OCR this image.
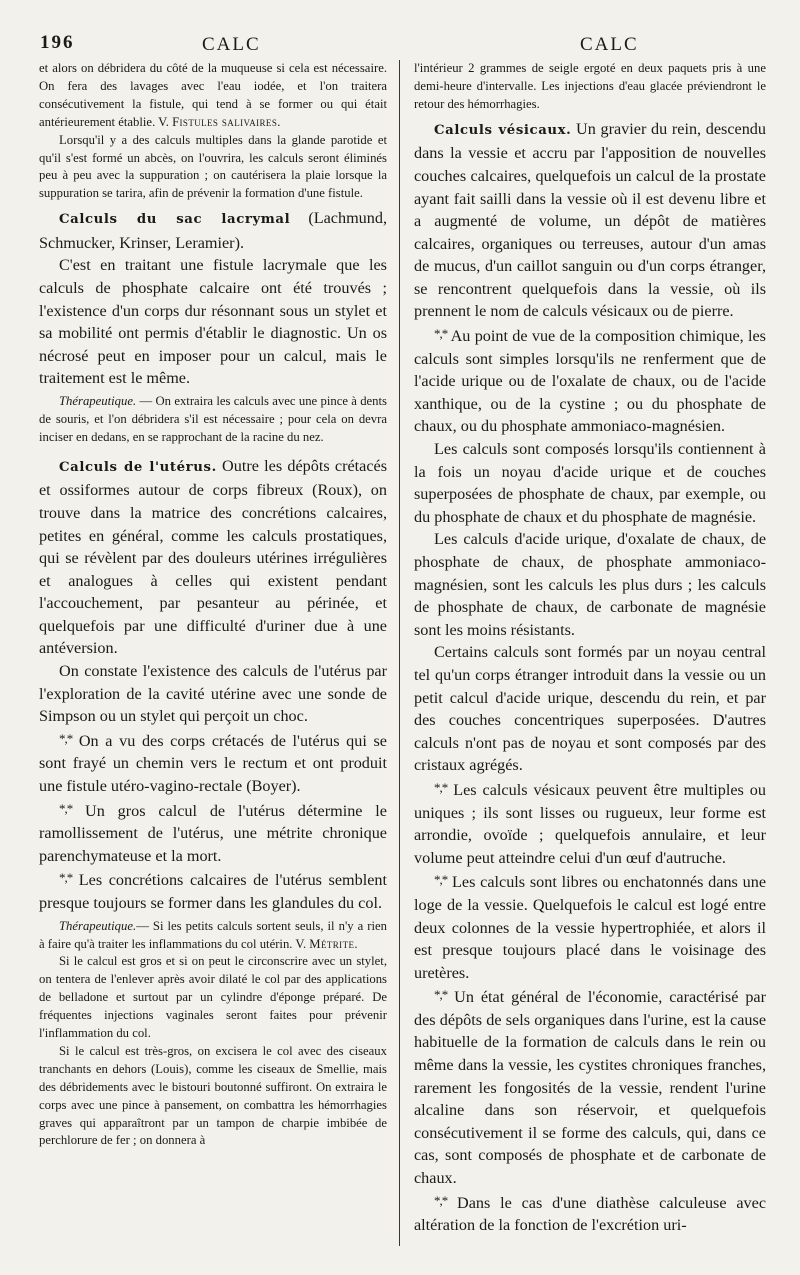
196	CALC	CALC

et alors on débridera du côté de la muqueuse si cela est nécessaire. On fera des lavages avec l'eau iodée, et l'on traitera consécutivement la fistule, qui tend à se former ou qui était antérieurement établie. V. Fistules salivaires.

Lorsqu'il y a des calculs multiples dans la glande parotide et qu'il s'est formé un abcès, on l'ouvrira, les calculs seront éliminés peu à peu avec la suppuration ; on cautérisera la plaie lorsque la suppuration se tarira, afin de prévenir la formation d'une fistule.

Calculs du sac lacrymal (Lachmund, Schmucker, Krinser, Leramier).

C'est en traitant une fistule lacrymale que les calculs de phosphate calcaire ont été trouvés ; l'existence d'un corps dur résonnant sous un stylet et sa mobilité ont permis d'établir le diagnostic. Un os nécrosé peut en imposer pour un calcul, mais le traitement est le même.

Thérapeutique. — On extraira les calculs avec une pince à dents de souris, et l'on débridera s'il est nécessaire ; pour cela on devra inciser en dedans, en se rapprochant de la racine du nez.

Calculs de l'utérus. Outre les dépôts crétacés et ossiformes autour de corps fibreux (Roux), on trouve dans la matrice des concrétions calcaires, petites en général, comme les calculs prostatiques, qui se révèlent par des douleurs utérines irrégulières et analogues à celles qui existent pendant l'accouchement, par pesanteur au périnée, et quelquefois par une difficulté d'uriner due à une antéversion.

On constate l'existence des calculs de l'utérus par l'exploration de la cavité utérine avec une sonde de Simpson ou un stylet qui perçoit un choc.

*,* On a vu des corps crétacés de l'utérus qui se sont frayé un chemin vers le rectum et ont produit une fistule utéro-vagino-rectale (Boyer).

*,* Un gros calcul de l'utérus détermine le ramollissement de l'utérus, une métrite chronique parenchymateuse et la mort.

*,* Les concrétions calcaires de l'utérus semblent presque toujours se former dans les glandules du col.

Thérapeutique.— Si les petits calculs sortent seuls, il n'y a rien à faire qu'à traiter les inflammations du col utérin. V. Métrite.

Si le calcul est gros et si on peut le circonscrire avec un stylet, on tentera de l'enlever après avoir dilaté le col par des applications de belladone et surtout par un cylindre d'éponge préparé. De fréquentes injections vaginales seront faites pour prévenir l'inflammation du col.

Si le calcul est très-gros, on excisera le col avec des ciseaux tranchants en dehors (Louis), comme les ciseaux de Smellie, mais des débridements avec le bistouri boutonné suffiront. On extraira le corps avec une pince à pansement, on combattra les hémorrhagies graves qui apparaîtront par un tampon de charpie imbibée de perchlorure de fer ; on donnera à

l'intérieur 2 grammes de seigle ergoté en deux paquets pris à une demi-heure d'intervalle. Les injections d'eau glacée préviendront le retour des hémorrhagies.

Calculs vésicaux. Un gravier du rein, descendu dans la vessie et accru par l'apposition de nouvelles couches calcaires, quelquefois un calcul de la prostate ayant fait sailli dans la vessie où il est devenu libre et a augmenté de volume, un dépôt de matières calcaires, organiques ou terreuses, autour d'un amas de mucus, d'un caillot sanguin ou d'un corps étranger, se rencontrent quelquefois dans la vessie, où ils prennent le nom de calculs vésicaux ou de pierre.

*,* Au point de vue de la composition chimique, les calculs sont simples lorsqu'ils ne renferment que de l'acide urique ou de l'oxalate de chaux, ou de l'acide xanthique, ou de la cystine ; ou du phosphate de chaux, ou du phosphate ammoniaco-magnésien.

Les calculs sont composés lorsqu'ils contiennent à la fois un noyau d'acide urique et de couches superposées de phosphate de chaux, par exemple, ou du phosphate de chaux et du phosphate de magnésie.

Les calculs d'acide urique, d'oxalate de chaux, de phosphate de chaux, de phosphate ammoniaco-magnésien, sont les calculs les plus durs ; les calculs de phosphate de chaux, de carbonate de magnésie sont les moins résistants.

Certains calculs sont formés par un noyau central tel qu'un corps étranger introduit dans la vessie ou un petit calcul d'acide urique, descendu du rein, et par des couches concentriques superposées. D'autres calculs n'ont pas de noyau et sont composés par des cristaux agrégés.

*,* Les calculs vésicaux peuvent être multiples ou uniques ; ils sont lisses ou rugueux, leur forme est arrondie, ovoïde ; quelquefois annulaire, et leur volume peut atteindre celui d'un œuf d'autruche.

*,* Les calculs sont libres ou enchatonnés dans une loge de la vessie. Quelquefois le calcul est logé entre deux colonnes de la vessie hypertrophiée, et alors il est presque toujours placé dans le voisinage des uretères.

*,* Un état général de l'économie, caractérisé par des dépôts de sels organiques dans l'urine, est la cause habituelle de la formation de calculs dans le rein ou même dans la vessie, les cystites chroniques franches, rarement les fongosités de la vessie, rendent l'urine alcaline dans son réservoir, et quelquefois consécutivement il se forme des calculs, qui, dans ce cas, sont composés de phosphate et de carbonate de chaux.

*,* Dans le cas d'une diathèse calculeuse avec altération de la fonction de l'excrétion uri-
